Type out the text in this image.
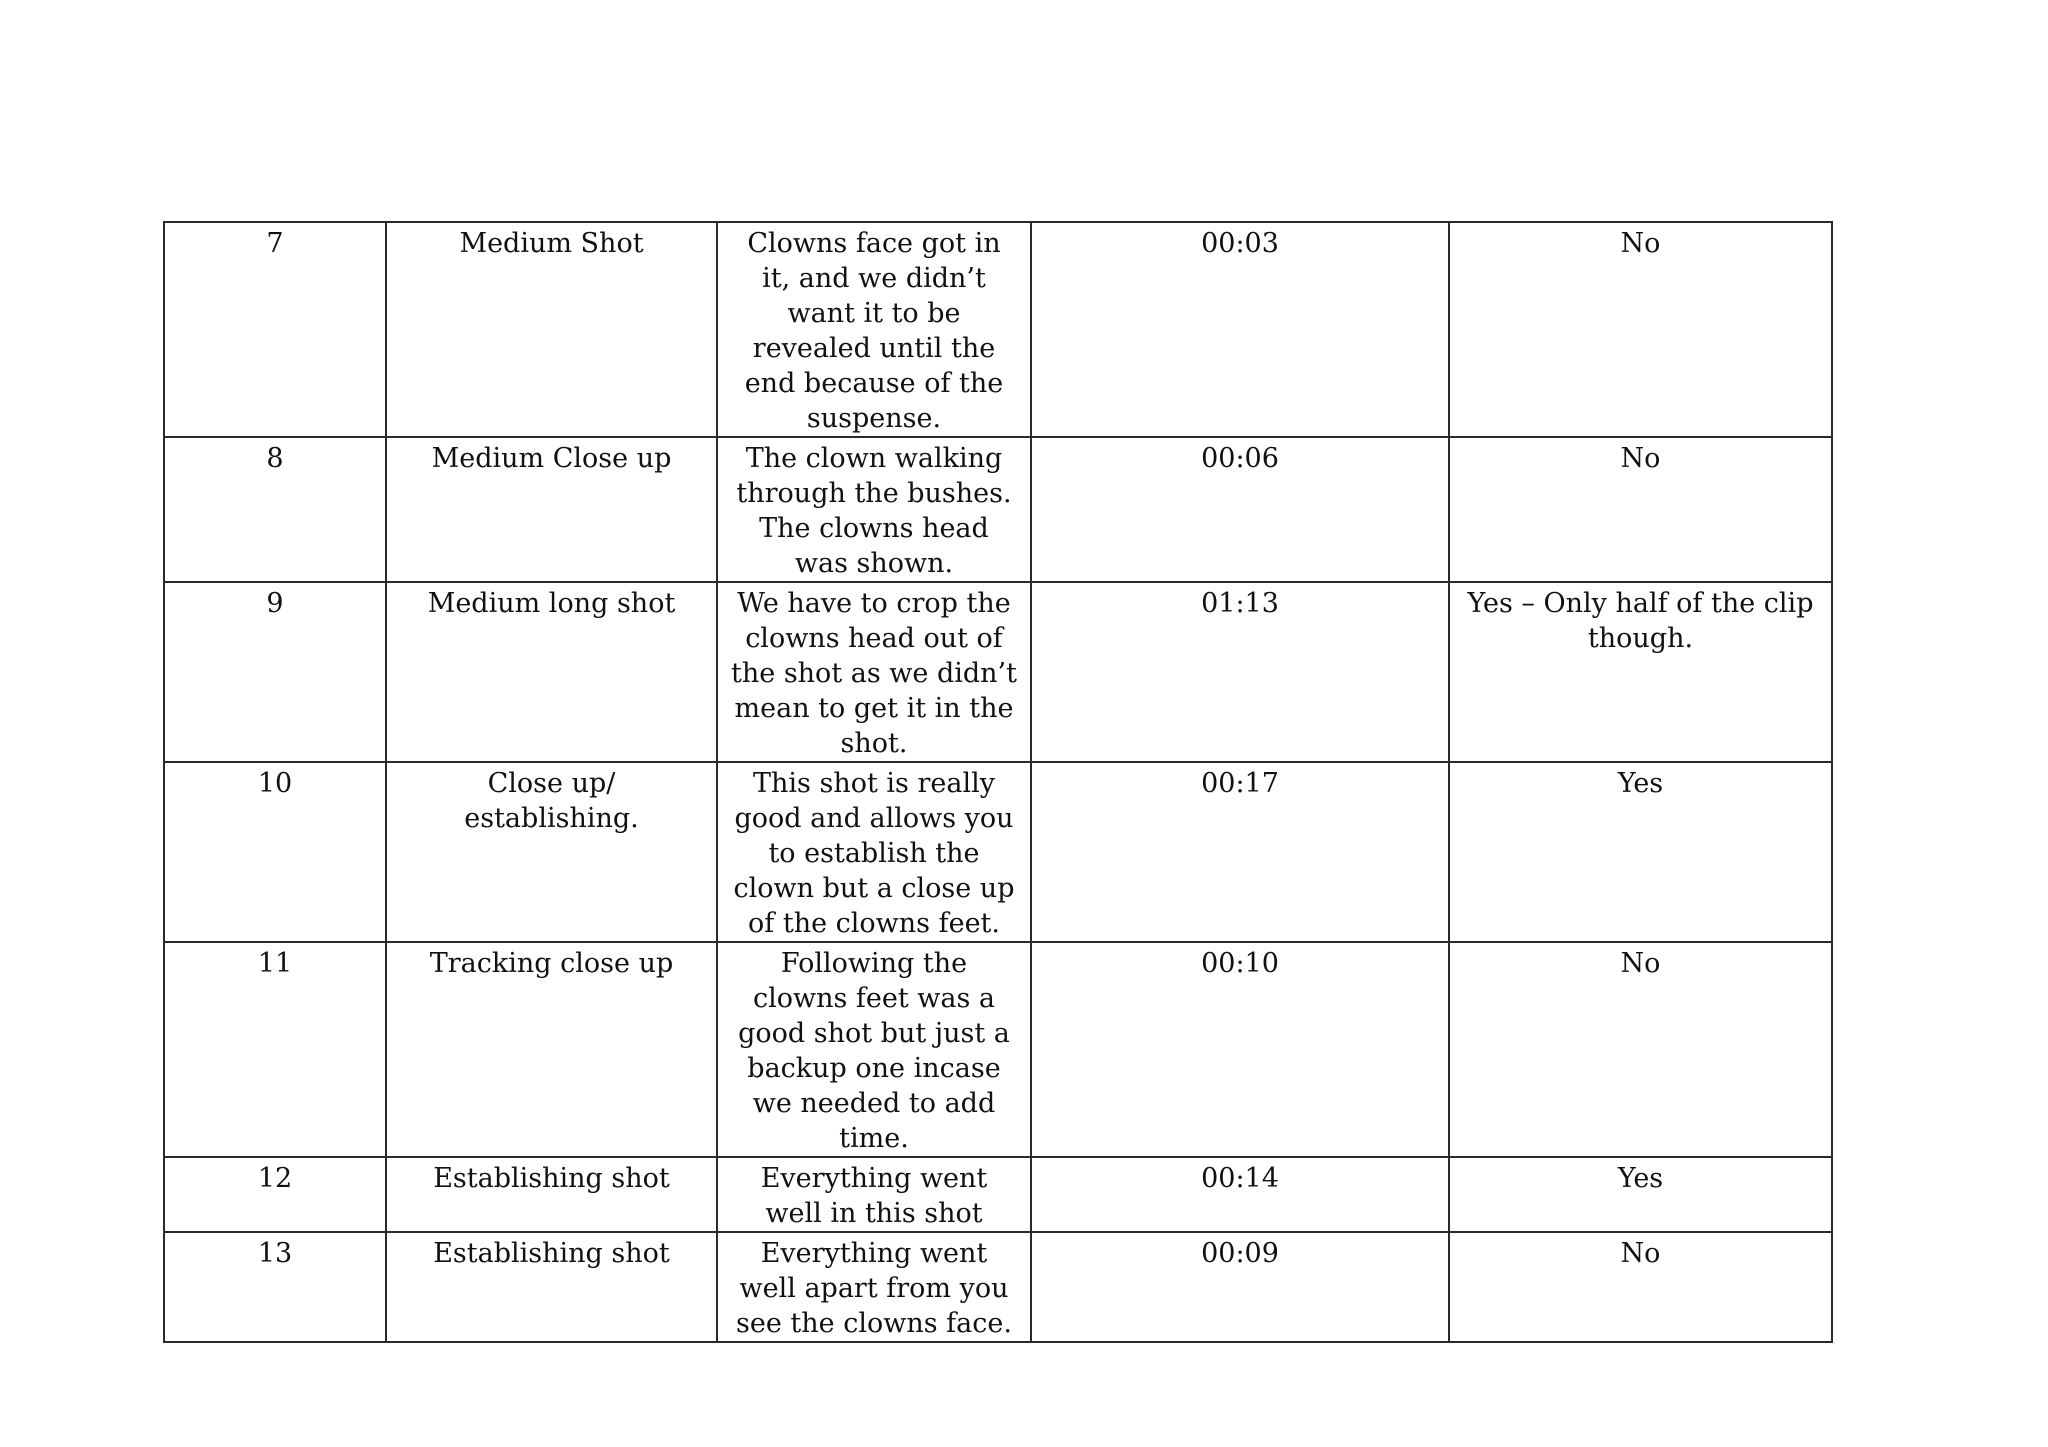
7	Medium Shot	Clowns face got in it, and we didn’t want it to be revealed until the end because of the suspense.	00:03	No
8	Medium Close up	The clown walking through the bushes. The clowns head was shown.	00:06	No
9	Medium long shot	We have to crop the clowns head out of the shot as we didn’t mean to get it in the shot.	01:13	Yes – Only half of the clip though.
10	Close up/ establishing.	This shot is really good and allows you to establish the clown but a close up of the clowns feet.	00:17	Yes
11	Tracking close up	Following the clowns feet was a good shot but just a backup one incase we needed to add time.	00:10	No
12	Establishing shot	Everything went well in this shot	00:14	Yes
13	Establishing shot	Everything went well apart from you see the clowns face.	00:09	No
